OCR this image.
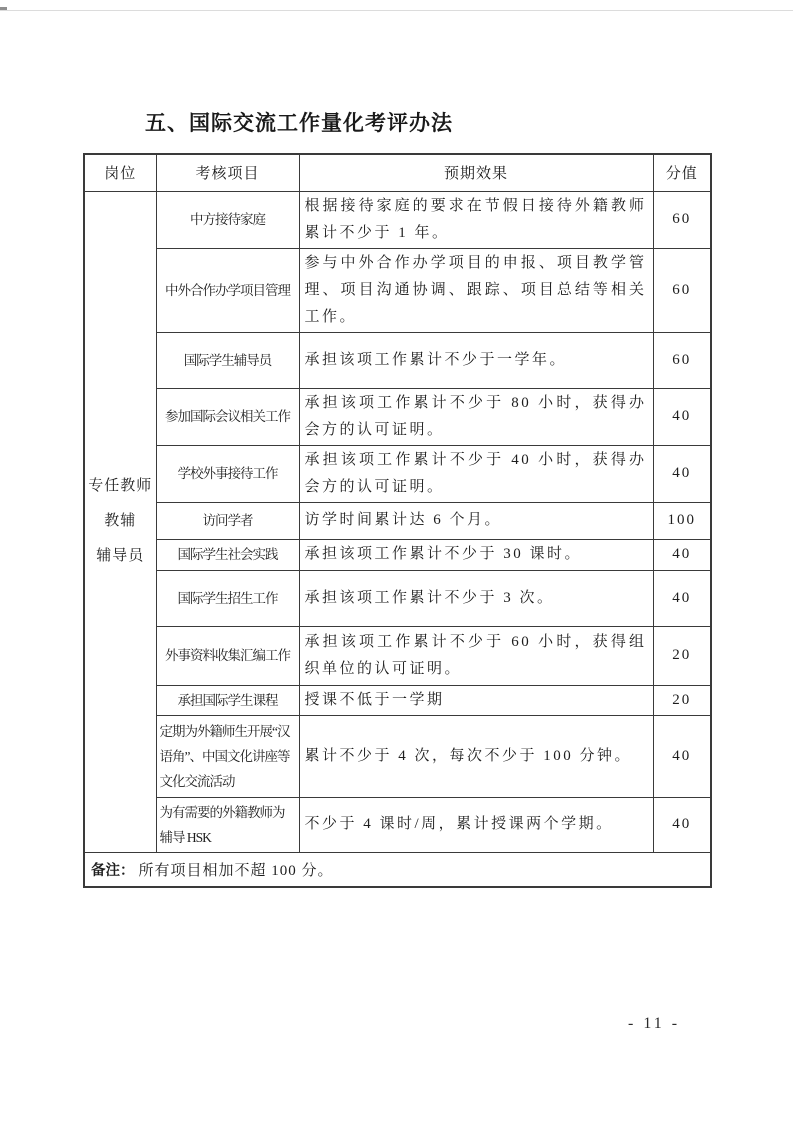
五、国际交流工作量化考评办法
岗位	考核项目	预期效果	分值

专任教师
教辅
辅导员	中方接待家庭	根据接待家庭的要求在节假日接待外籍教师累计不少于 1 年。	60
	中外合作办学项目管理	参与中外合作办学项目的申报、项目教学管理、项目沟通协调、跟踪、项目总结等相关工作。	60
	国际学生辅导员	承担该项工作累计不少于一学年。	60
	参加国际会议相关工作	承担该项工作累计不少于 80 小时，获得办会方的认可证明。	40
	学校外事接待工作	承担该项工作累计不少于 40 小时，获得办会方的认可证明。	40
	访问学者	访学时间累计达 6 个月。	100
	国际学生社会实践	承担该项工作累计不少于 30 课时。	40
	国际学生招生工作	承担该项工作累计不少于 3 次。	40
	外事资料收集汇编工作	承担该项工作累计不少于 60 小时，获得组织单位的认可证明。	20
	承担国际学生课程	授课不低于一学期	20
	定期为外籍师生开展“汉语角”、中国文化讲座等文化交流活动	累计不少于 4 次，每次不少于 100 分钟。	40
	为有需要的外籍教师为辅导 HSK	不少于 4 课时/周，累计授课两个学期。	40
备注： 所有项目相加不超 100 分。			
- 11 -
